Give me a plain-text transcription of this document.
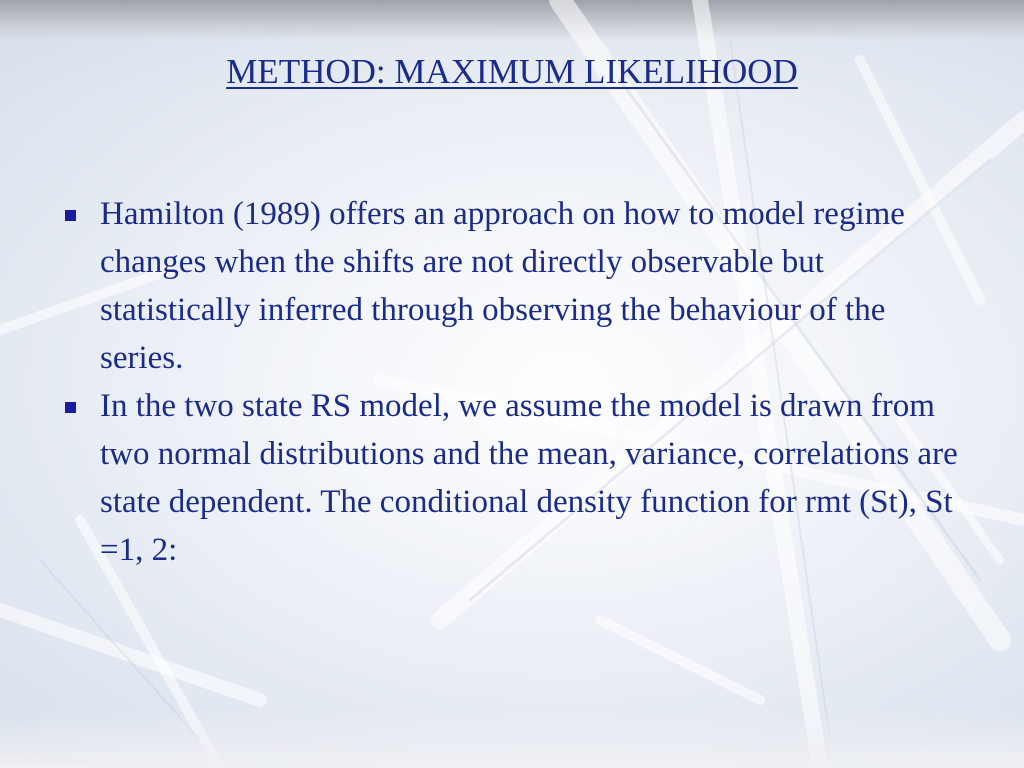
METHOD: MAXIMUM LIKELIHOOD
Hamilton (1989) offers an approach on how to model regime changes when the shifts are not directly observable but statistically inferred through observing the behaviour of the series.
In the two state RS model, we assume the model is drawn from two normal distributions and the mean, variance, correlations are state dependent. The conditional density function for rmt (St), St =1, 2:
